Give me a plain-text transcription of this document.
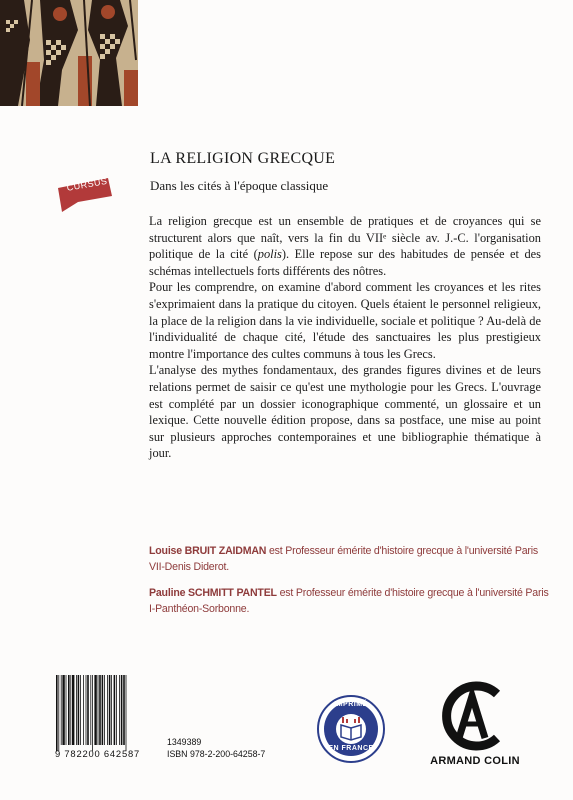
CURSUS
LA RELIGION GRECQUE

Dans les cités à l'époque classique

La religion grecque est un ensemble de pratiques et de croyances qui se structurent alors que naît, vers la fin du VIIᵉ siècle av. J.-C. l'organisation politique de la cité (polis). Elle repose sur des habitudes de pensée et des schémas intellectuels forts différents des nôtres.

Pour les comprendre, on examine d'abord comment les croyances et les rites s'exprimaient dans la pratique du citoyen. Quels étaient le personnel religieux, la place de la religion dans la vie individuelle, sociale et politique ? Au-delà de l'individualité de chaque cité, l'étude des sanctuaires les plus prestigieux montre l'importance des cultes communs à tous les Grecs.

L'analyse des mythes fondamentaux, des grandes figures divines et de leurs relations permet de saisir ce qu'est une mythologie pour les Grecs. L'ouvrage est complété par un dossier iconographique commenté, un glossaire et un lexique. Cette nouvelle édition propose, dans sa postface, une mise au point sur plusieurs approches contemporaines et une bibliographie thématique à jour.

Louise BRUIT ZAIDMAN est Professeur émérite d'histoire grecque à l'université Paris VII-Denis Diderot.

Pauline SCHMITT PANTEL est Professeur émérite d'histoire grecque à l'université Paris I-Panthéon-Sorbonne.

9 782200 642587
1349389
ISBN 978-2-200-64258-7
IMPRIMÉ
EN FRANCE
ARMAND COLIN
